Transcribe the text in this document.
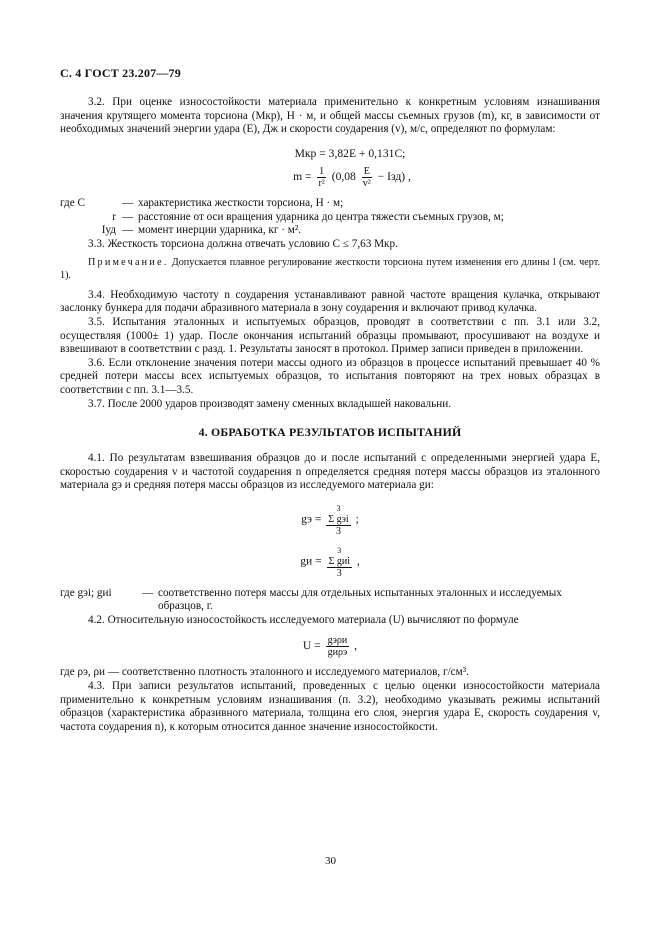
С. 4 ГОСТ 23.207—79

3.2. При оценке износостойкости материала применительно к конкретным условиям изнашивания значения крутящего момента торсиона (Mкр), Н · м, и общей массы съемных грузов (m), кг, в зависимости от необходимых значений энергии удара (E), Дж и скорости соударения (v), м/с, определяют по формулам:

Mкр = 3,82E + 0,131C;

$m = \frac{1}{\text{r²}} (0,08 \frac{E}{\text{v²}} - Iзд)$ ,

где C	— характеристика жесткости торсиона, Н · м;
r — расстояние от оси вращения ударника до центра тяжести съемных грузов, м;
Iуд — момент инерции ударника, кг · м².

3.3. Жесткость торсиона должна отвечать условию C ≤ 7,63 Mкр.

Примечание. Допускается плавное регулирование жесткости торсиона путем изменения его длины l (см. черт. 1).

3.4. Необходимую частоту n соударения устанавливают равной частоте вращения кулачка, открывают заслонку бункера для подачи абразивного материала в зону соударения и включают привод кулачка.

3.5. Испытания эталонных и испытуемых образцов, проводят в соответствии с пп. 3.1 или 3.2, осуществляя (1000± 1) удар. После окончания испытаний образцы промывают, просушивают на воздухе и взвешивают в соответствии с разд. 1. Результаты заносят в протокол. Пример записи приведен в приложении.

3.6. Если отклонение значения потери массы одного из образцов в процессе испытаний превышает 40 % средней потери массы всех испытуемых образцов, то испытания повторяют на трех новых образцах в соответствии с пп. 3.1—3.5.

3.7. После 2000 ударов производят замену сменных вкладышей наковальни.

4. ОБРАБОТКА РЕЗУЛЬТАТОВ ИСПЫТАНИЙ

4.1. По результатам взвешивания образцов до и после испытаний с определенными энергией удара E, скоростью соударения v и частотой соударения n определяется средняя потеря массы образцов из эталонного материала gэ и средняя потеря массы образцов из исследуемого материала gи:

gэ =
3
Σ gэi
3
;

gи =
3
Σ gиi
3
,

где gэi; gиi	— соответственно потеря массы для отдельных испытанных эталонных и исследуемых образцов, г.

4.2. Относительную износостойкость исследуемого материала (U) вычисляют по формуле

$U = \frac{\text{gэρи}}{\text{gиρэ}}$ ,

где ρэ, ρи — соответственно плотность эталонного и исследуемого материалов, г/см³.

4.3. При записи результатов испытаний, проведенных с целью оценки износостойкости материала применительно к конкретным условиям изнашивания (п. 3.2), необходимо указывать режимы испытаний образцов (характеристика абразивного материала, толщина его слоя, энергия удара E, скорость соударения v, частота соударения n), к которым относится данное значение износостойкости.

30
